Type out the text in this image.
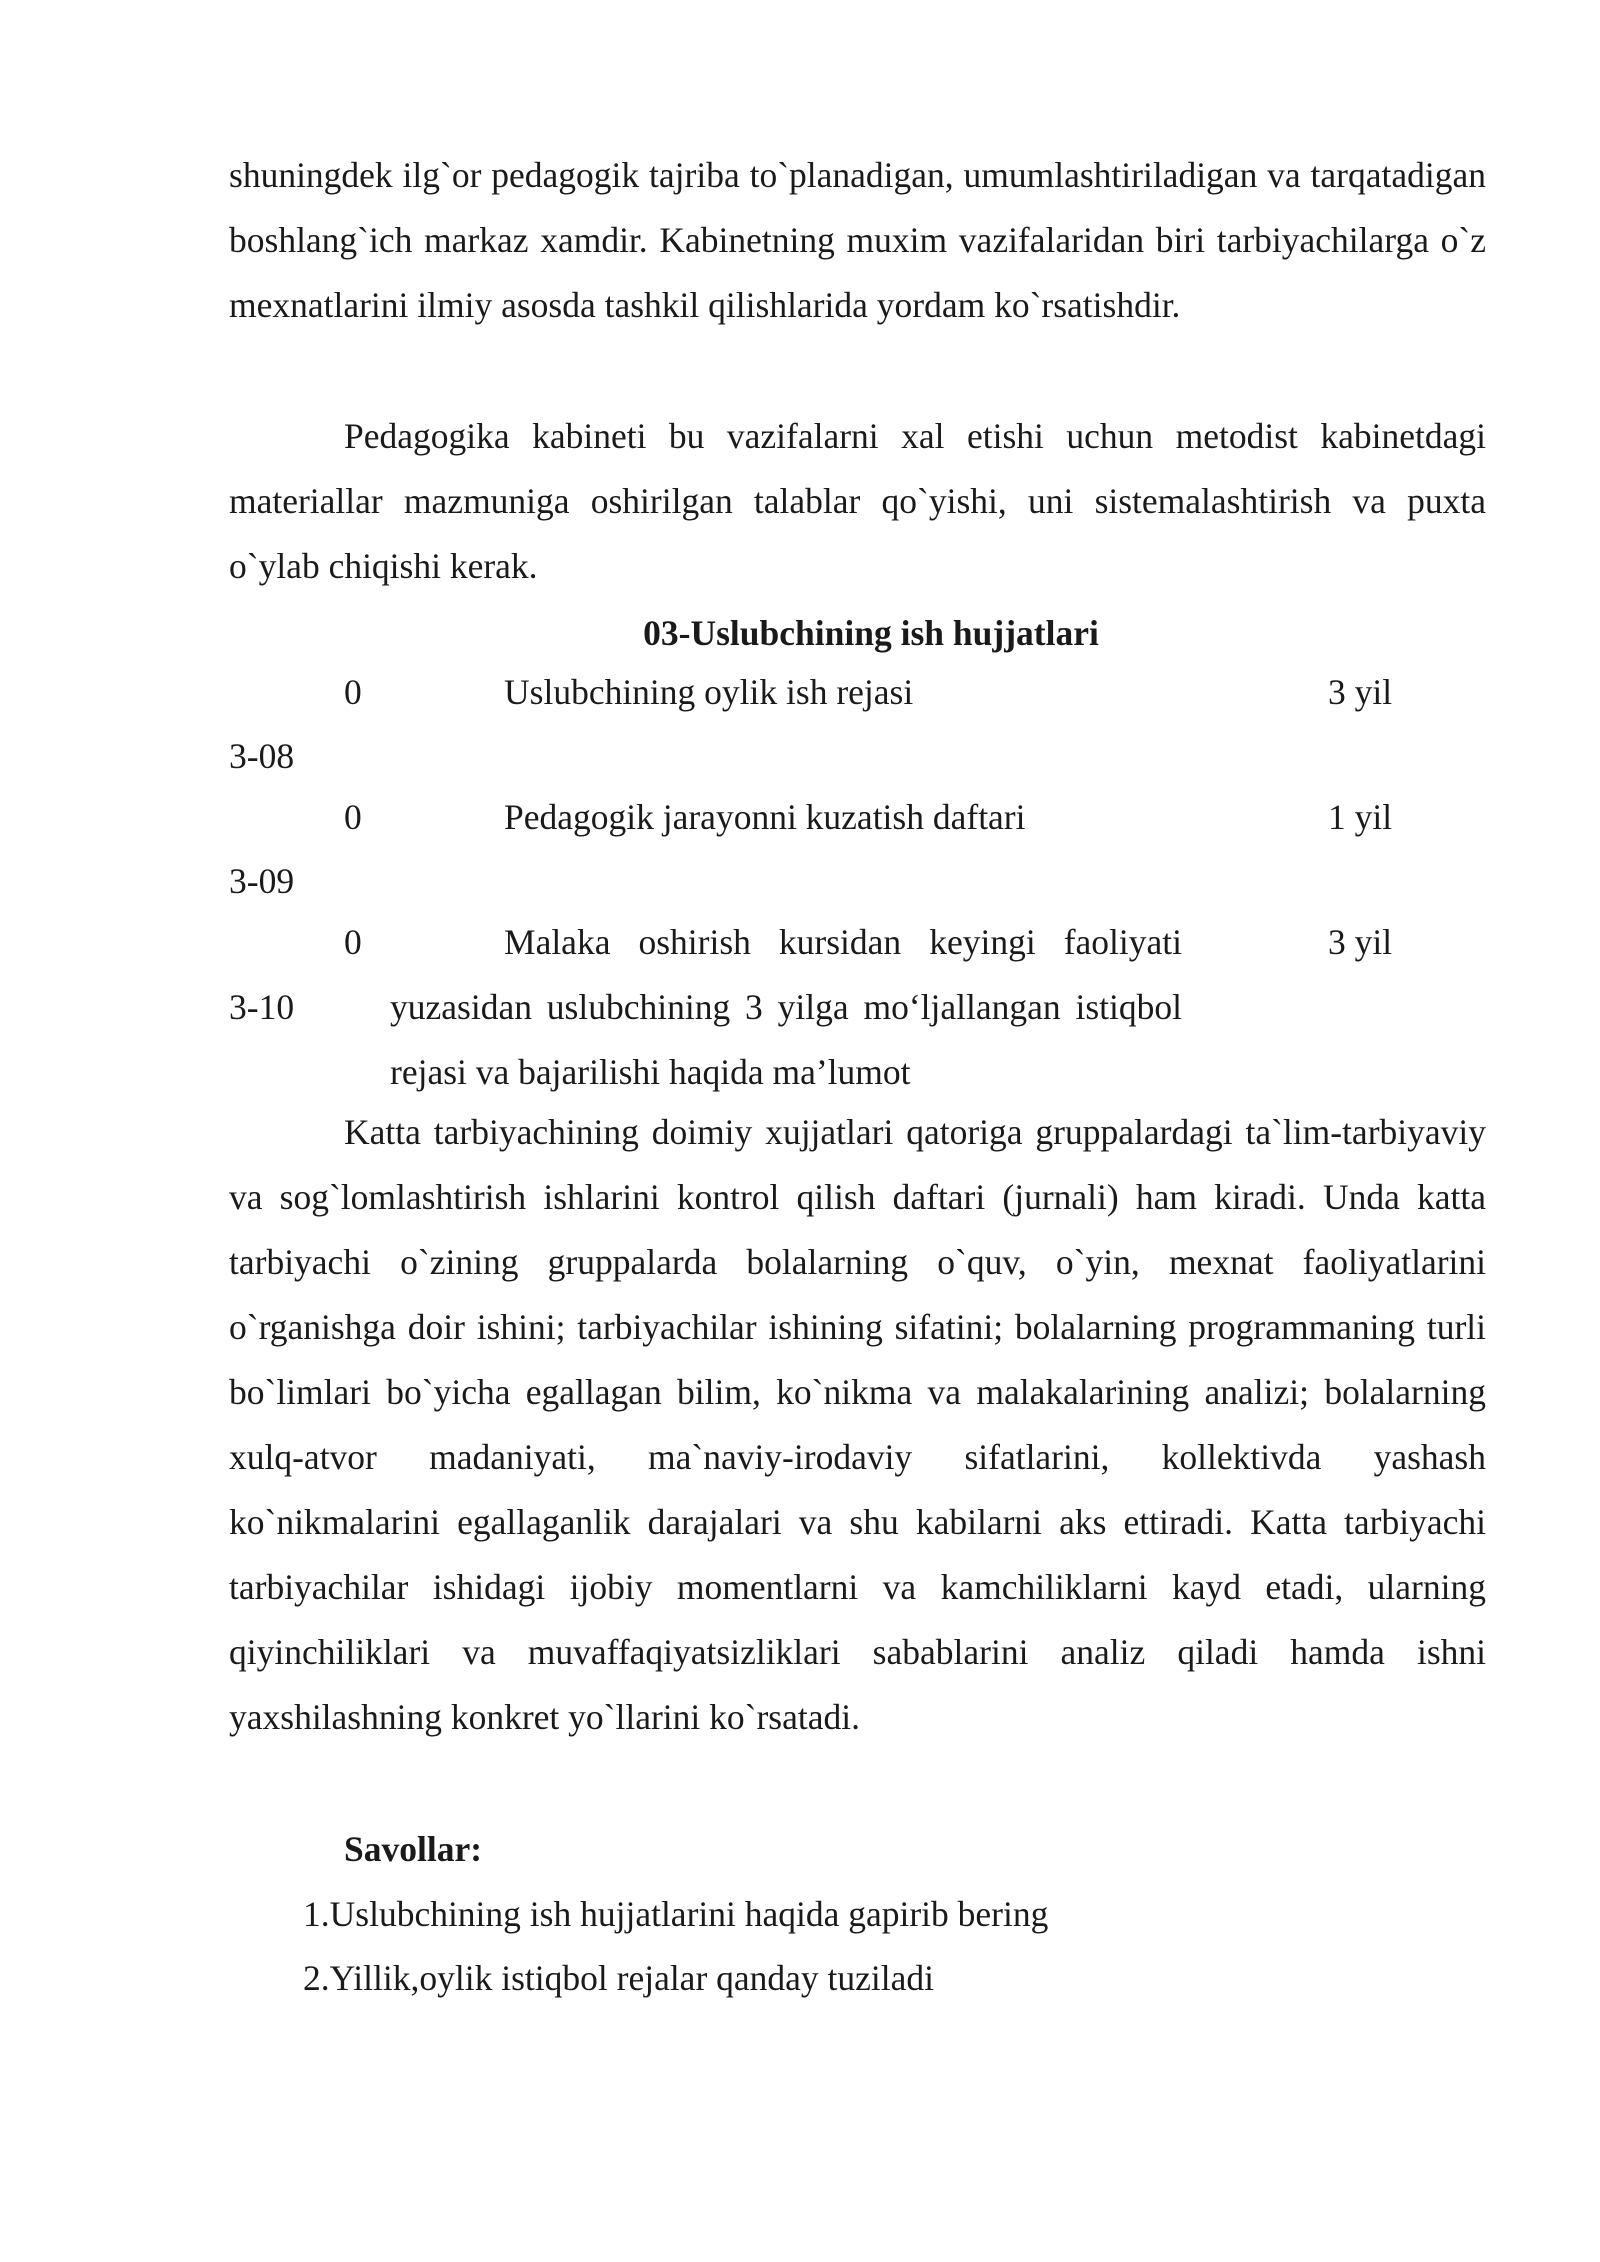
shuningdek ilg`or pedagogik tajriba to`planadigan, umumlashtiriladigan va tarqatadigan boshlang`ich markaz xamdir. Kabinetning muxim vazifalaridan biri tarbiyachilarga o`z mexnatlarini ilmiy asosda tashkil qilishlarida yordam ko`rsatishdir.

Pedagogika kabineti bu vazifalarni xal etishi uchun metodist kabinetdagi materiallar mazmuniga oshirilgan talablar qo`yishi, uni sistemalashtirish va puxta o`ylab chiqishi kerak.

03-Uslubchining ish hujjatlari
0
3-08
Uslubchining oylik ish rejasi	3 yil
0
3-09
Pedagogik jarayonni kuzatish daftari	1 yil
0
3-10
Malaka oshirish kursidan keyingi faoliyati yuzasidan uslubchining 3 yilga mo‘ljallangan istiqbol rejasi va bajarilishi haqida ma’lumot
3 yil

Katta tarbiyachining doimiy xujjatlari qatoriga gruppalardagi ta`lim-tarbiyaviy va sog`lomlashtirish ishlarini kontrol qilish daftari (jurnali) ham kiradi. Unda katta tarbiyachi o`zining gruppalarda bolalarning o`quv, o`yin, mexnat faoliyatlarini o`rganishga doir ishini; tarbiyachilar ishining sifatini; bolalarning programmaning turli bo`limlari bo`yicha egallagan bilim, ko`nikma va malakalarining analizi; bolalarning xulq-atvor madaniyati, ma`naviy-irodaviy sifatlarini, kollektivda yashash ko`nikmalarini egallaganlik darajalari va shu kabilarni aks ettiradi. Katta tarbiyachi tarbiyachilar ishidagi ijobiy momentlarni va kamchiliklarni kayd etadi, ularning qiyinchiliklari va muvaffaqiyatsizliklari sabablarini analiz qiladi hamda ishni yaxshilashning konkret yo`llarini ko`rsatadi.

Savollar:
1.Uslubchining ish hujjatlarini haqida gapirib bering
2.Yillik,oylik istiqbol rejalar qanday tuziladi
